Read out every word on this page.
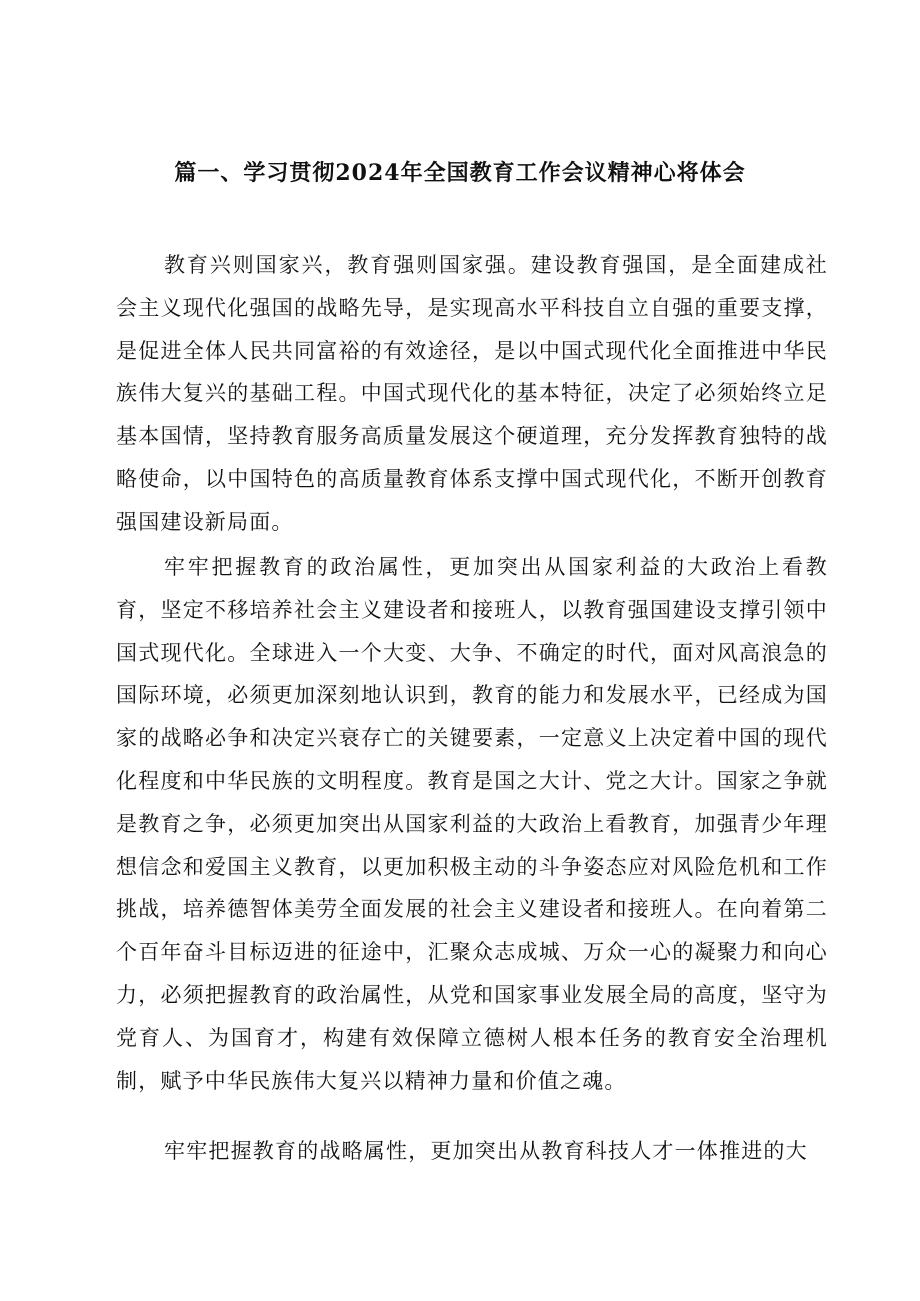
篇一、学习贯彻2024年全国教育工作会议精神心将体会

教育兴则国家兴，教育强则国家强。建设教育强国，是全面建成社会主义现代化强国的战略先导，是实现高水平科技自立自强的重要支撑，是促进全体人民共同富裕的有效途径，是以中国式现代化全面推进中华民族伟大复兴的基础工程。中国式现代化的基本特征，决定了必须始终立足基本国情，坚持教育服务高质量发展这个硬道理，充分发挥教育独特的战略使命，以中国特色的高质量教育体系支撑中国式现代化，不断开创教育强国建设新局面。

牢牢把握教育的政治属性，更加突出从国家利益的大政治上看教育，坚定不移培养社会主义建设者和接班人，以教育强国建设支撑引领中国式现代化。全球进入一个大变、大争、不确定的时代，面对风高浪急的国际环境，必须更加深刻地认识到，教育的能力和发展水平，已经成为国家的战略必争和决定兴衰存亡的关键要素，一定意义上决定着中国的现代化程度和中华民族的文明程度。教育是国之大计、党之大计。国家之争就是教育之争，必须更加突出从国家利益的大政治上看教育，加强青少年理想信念和爱国主义教育，以更加积极主动的斗争姿态应对风险危机和工作挑战，培养德智体美劳全面发展的社会主义建设者和接班人。在向着第二个百年奋斗目标迈进的征途中，汇聚众志成城、万众一心的凝聚力和向心力，必须把握教育的政治属性，从党和国家事业发展全局的高度，坚守为党育人、为国育才，构建有效保障立德树人根本任务的教育安全治理机制，赋予中华民族伟大复兴以精神力量和价值之魂。

牢牢把握教育的战略属性，更加突出从教育科技人才一体推进的大
